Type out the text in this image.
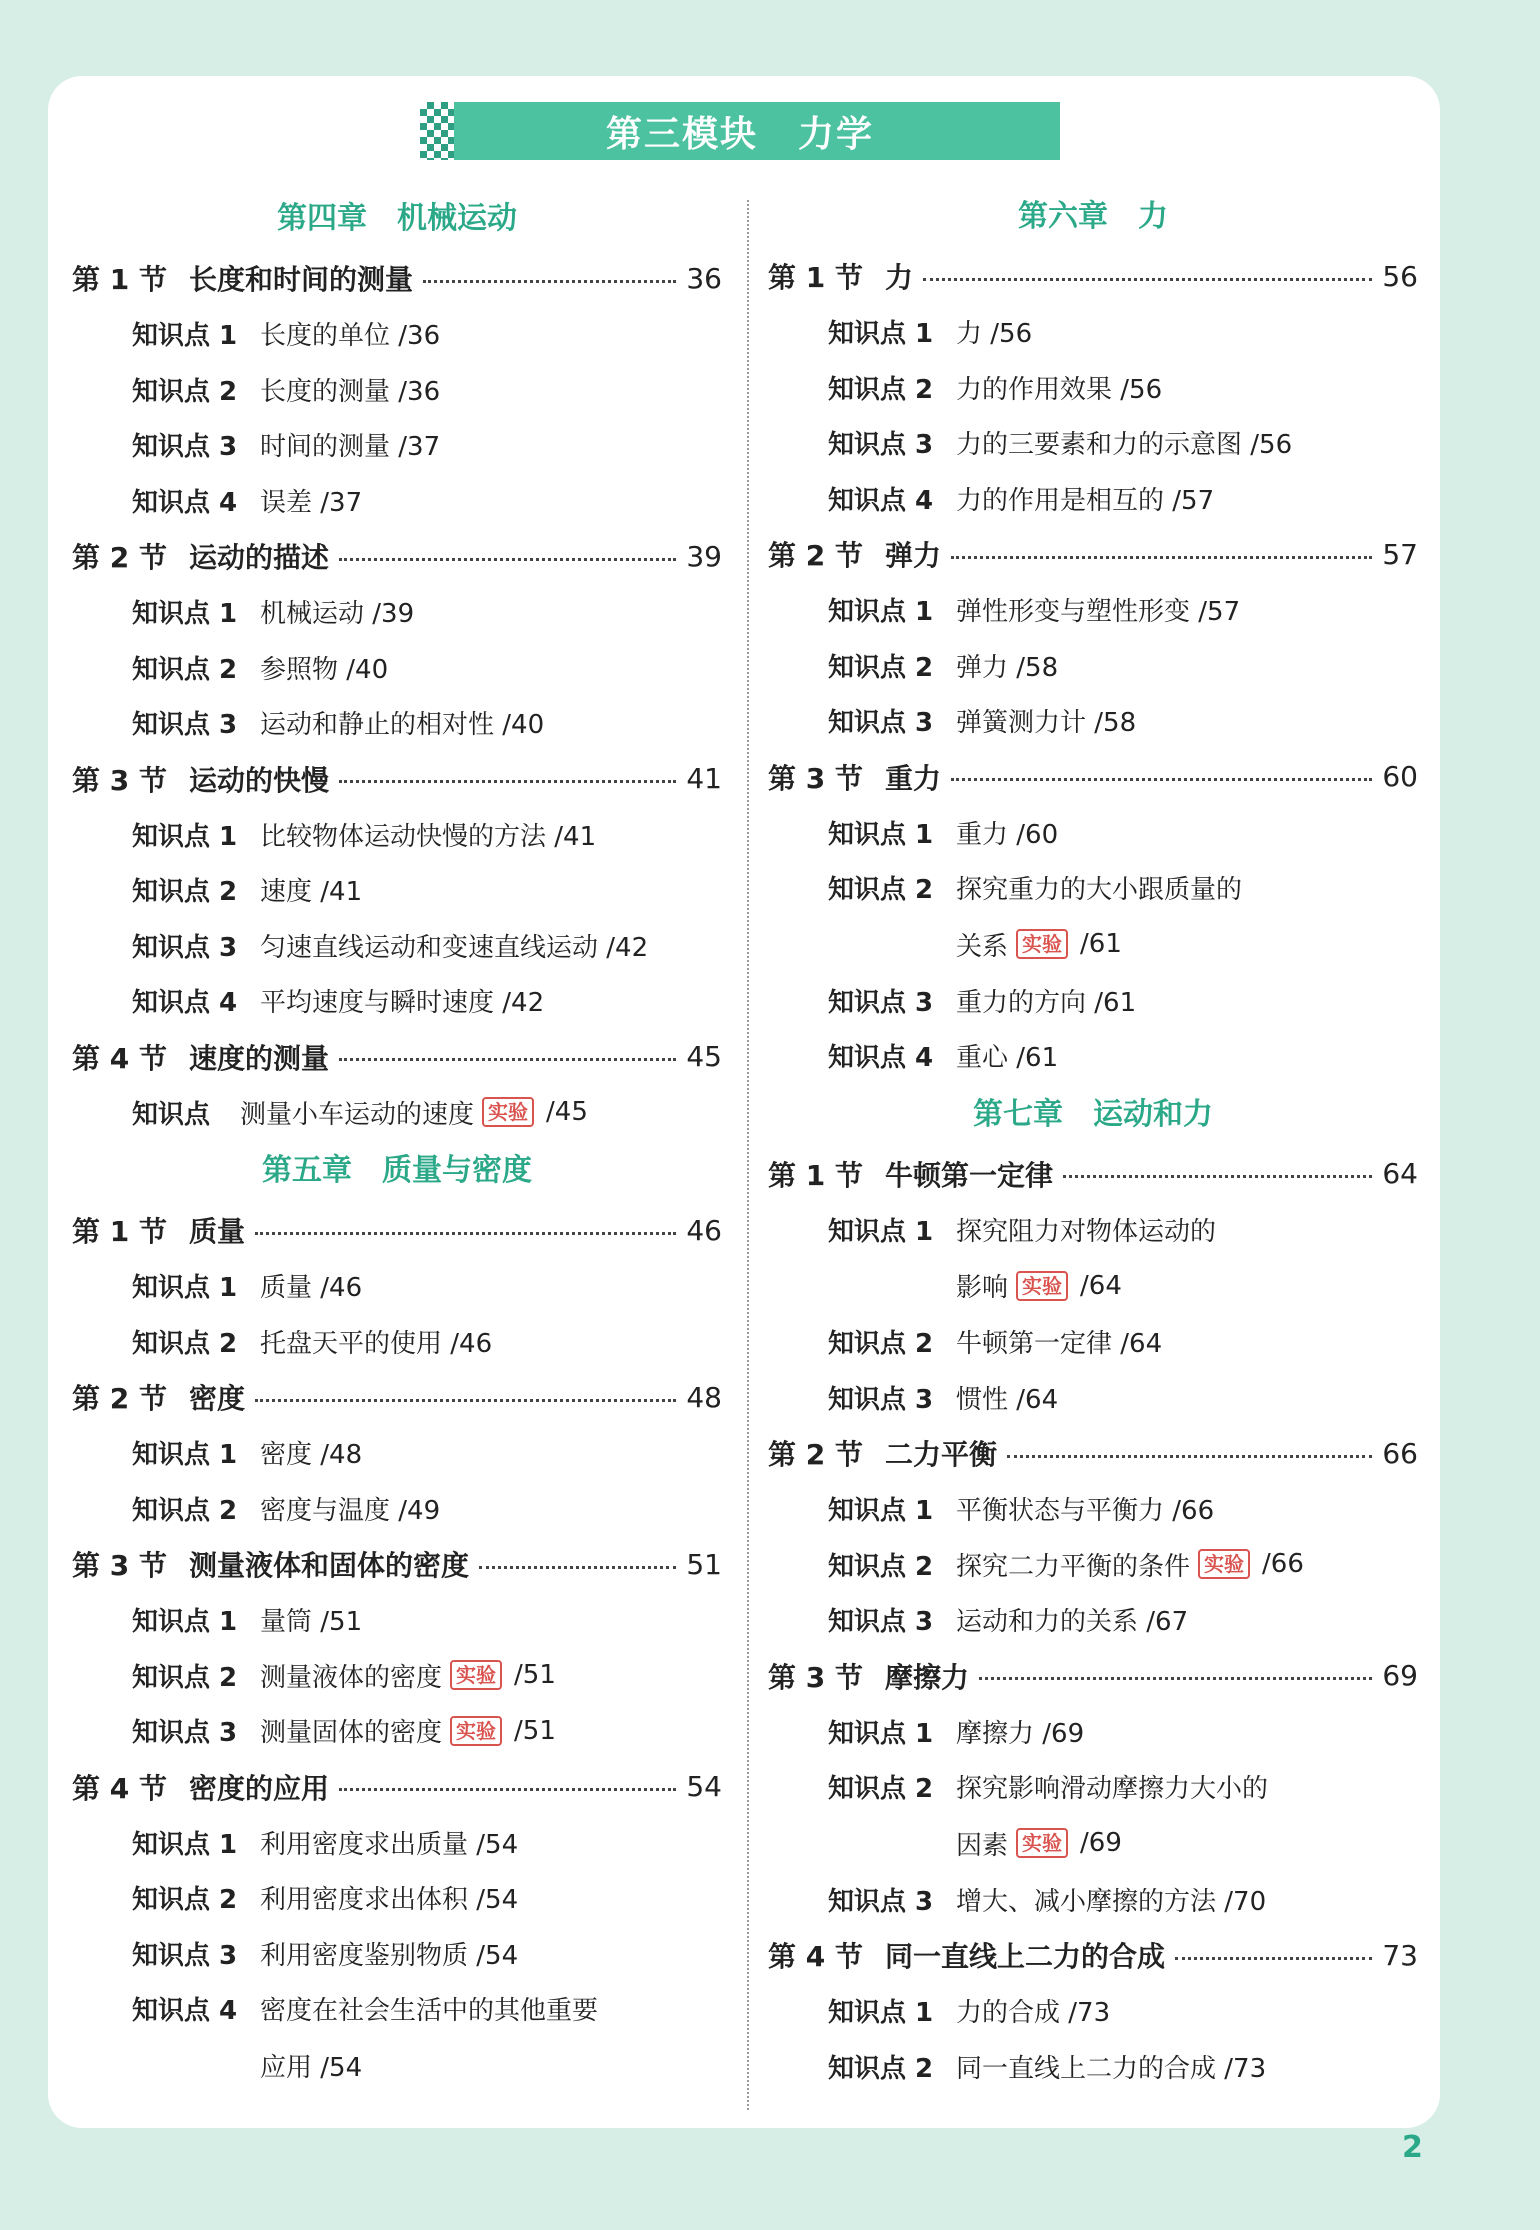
第三模块 力学
第四章　机械运动
第 1 节 长度和时间的测量	36
知识点 1 长度的单位 /36
知识点 2 长度的测量 /36
知识点 3 时间的测量 /37
知识点 4 误差 /37
第 2 节 运动的描述	39
知识点 1 机械运动 /39
知识点 2 参照物 /40
知识点 3 运动和静止的相对性 /40
第 3 节 运动的快慢	41
知识点 1 比较物体运动快慢的方法 /41
知识点 2 速度 /41
知识点 3 匀速直线运动和变速直线运动 /42
知识点 4 平均速度与瞬时速度 /42
第 4 节 速度的测量	45
知识点	测量小车运动的速度 实验 /45
第五章　质量与密度
第 1 节 质量	46
知识点 1 质量 /46
知识点 2 托盘天平的使用 /46
第 2 节 密度	48
知识点 1 密度 /48
知识点 2 密度与温度 /49
第 3 节 测量液体和固体的密度	51
知识点 1 量筒 /51
知识点 2 测量液体的密度 实验 /51
知识点 3 测量固体的密度 实验 /51
第 4 节 密度的应用	54
知识点 1 利用密度求出质量 /54
知识点 2 利用密度求出体积 /54
知识点 3 利用密度鉴别物质 /54
知识点 4 密度在社会生活中的其他重要
应用 /54
第六章　力
第 1 节 力	56
知识点 1 力 /56
知识点 2 力的作用效果 /56
知识点 3 力的三要素和力的示意图 /56
知识点 4 力的作用是相互的 /57
第 2 节 弹力	57
知识点 1 弹性形变与塑性形变 /57
知识点 2 弹力 /58
知识点 3 弹簧测力计 /58
第 3 节 重力	60
知识点 1 重力 /60
知识点 2 探究重力的大小跟质量的
关系 实验 /61
知识点 3 重力的方向 /61
知识点 4 重心 /61
第七章　运动和力
第 1 节 牛顿第一定律	64
知识点 1 探究阻力对物体运动的
影响 实验 /64
知识点 2 牛顿第一定律 /64
知识点 3 惯性 /64
第 2 节 二力平衡	66
知识点 1 平衡状态与平衡力 /66
知识点 2 探究二力平衡的条件 实验 /66
知识点 3 运动和力的关系 /67
第 3 节 摩擦力	69
知识点 1 摩擦力 /69
知识点 2 探究影响滑动摩擦力大小的
因素 实验 /69
知识点 3 增大、减小摩擦的方法 /70
第 4 节 同一直线上二力的合成	73
知识点 1 力的合成 /73
知识点 2 同一直线上二力的合成 /73
2
